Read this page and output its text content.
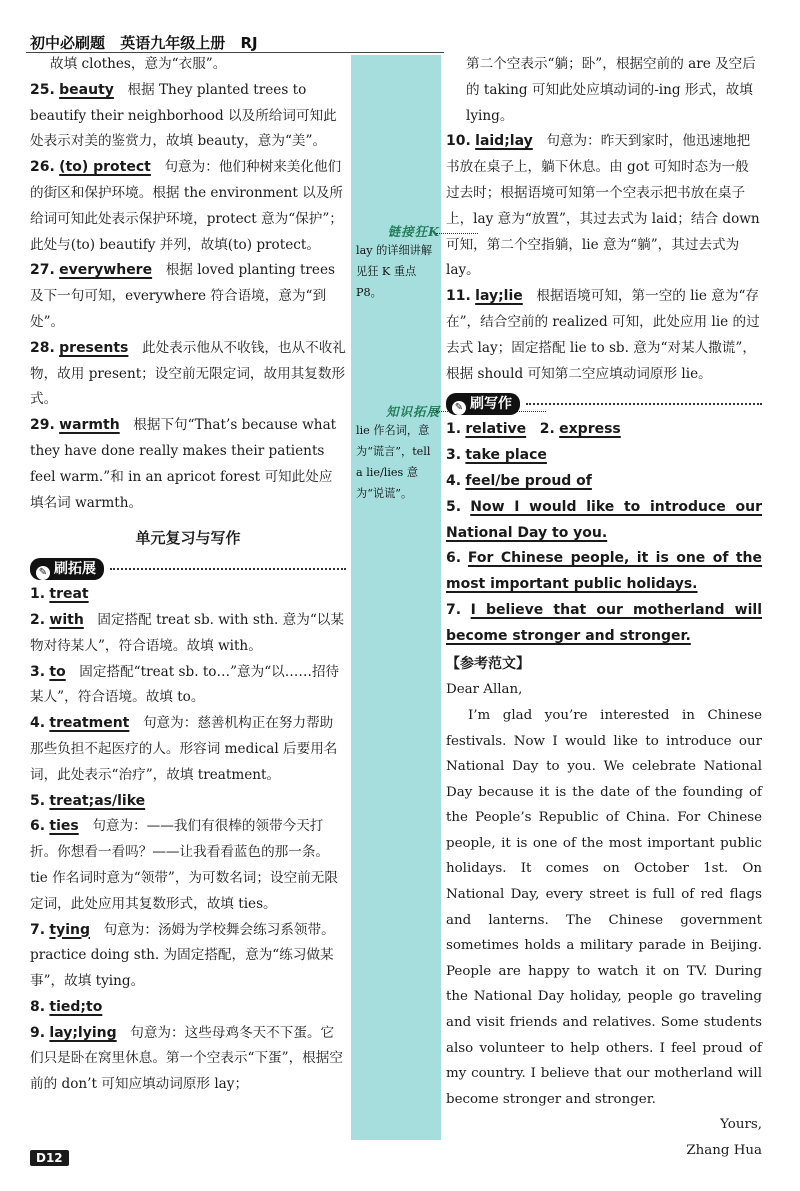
初中必刷题 英语九年级上册 RJ
链接狂K
lay 的详细讲解见狂 K 重点 P8。
知识拓展
lie 作名词，意为“谎言”，tell a lie/lies 意为“说谎”。

故填 clothes，意为“衣服”。

25. beauty  根据 They planted trees to beautify their neighborhood 以及所给词可知此处表示对美的鉴赏力，故填 beauty，意为“美”。

26. (to) protect  句意为：他们种树来美化他们的街区和保护环境。根据 the environment 以及所给词可知此处表示保护环境，protect 意为“保护”；此处与(to) beautify 并列，故填(to) protect。

27. everywhere  根据 loved planting trees 及下一句可知，everywhere 符合语境，意为“到处”。

28. presents  此处表示他从不收钱，也从不收礼物，故用 present；设空前无限定词，故用其复数形式。

29. warmth  根据下句“That’s because what they have done really makes their patients feel warm.”和 in an apricot forest 可知此处应填名词 warmth。

单元复习与写作
✎ 刷拓展

1. treat

2. with  固定搭配 treat sb. with sth. 意为“以某物对待某人”，符合语境。故填 with。

3. to  固定搭配“treat sb. to…”意为“以……招待某人”，符合语境。故填 to。

4. treatment  句意为：慈善机构正在努力帮助那些负担不起医疗的人。形容词 medical 后要用名词，此处表示“治疗”，故填 treatment。

5. treat;as/like

6. ties  句意为：——我们有很棒的领带今天打折。你想看一看吗？——让我看看蓝色的那一条。tie 作名词时意为“领带”，为可数名词；设空前无限定词，此处应用其复数形式，故填 ties。

7. tying  句意为：汤姆为学校舞会练习系领带。practice doing sth. 为固定搭配，意为“练习做某事”，故填 tying。

8. tied;to

9. lay;lying  句意为：这些母鸡冬天不下蛋。它们只是卧在窝里休息。第一个空表示“下蛋”，根据空前的 don’t 可知应填动词原形 lay；

第二个空表示“躺；卧”，根据空前的 are 及空后的 taking 可知此处应填动词的-ing 形式，故填 lying。

10. laid;lay  句意为：昨天到家时，他迅速地把书放在桌子上，躺下休息。由 got 可知时态为一般过去时；根据语境可知第一个空表示把书放在桌子上，lay 意为“放置”，其过去式为 laid；结合 down 可知，第二个空指躺，lie 意为“躺”，其过去式为 lay。

11. lay;lie  根据语境可知，第一空的 lie 意为“存在”，结合空前的 realized 可知，此处应用 lie 的过去式 lay；固定搭配 lie to sb. 意为“对某人撒谎”，根据 should 可知第二空应填动词原形 lie。

✎ 刷写作

1. relative  2. express

3. take place

4. feel/be proud of

5. Now I would like to introduce our National Day to you.

6. For Chinese people, it is one of the most important public holidays.

7. I believe that our motherland will become stronger and stronger.

【参考范文】

Dear Allan,

I’m glad you’re interested in Chinese festivals. Now I would like to introduce our National Day to you. We celebrate National Day because it is the date of the founding of the People’s Republic of China. For Chinese people, it is one of the most important public holidays. It comes on October 1st. On National Day, every street is full of red flags and lanterns. The Chinese government sometimes holds a military parade in Beijing. People are happy to watch it on TV. During the National Day holiday, people go traveling and visit friends and relatives. Some students also volunteer to help others. I feel proud of my country. I believe that our motherland will become stronger and stronger.

Yours,

Zhang Hua

D12
